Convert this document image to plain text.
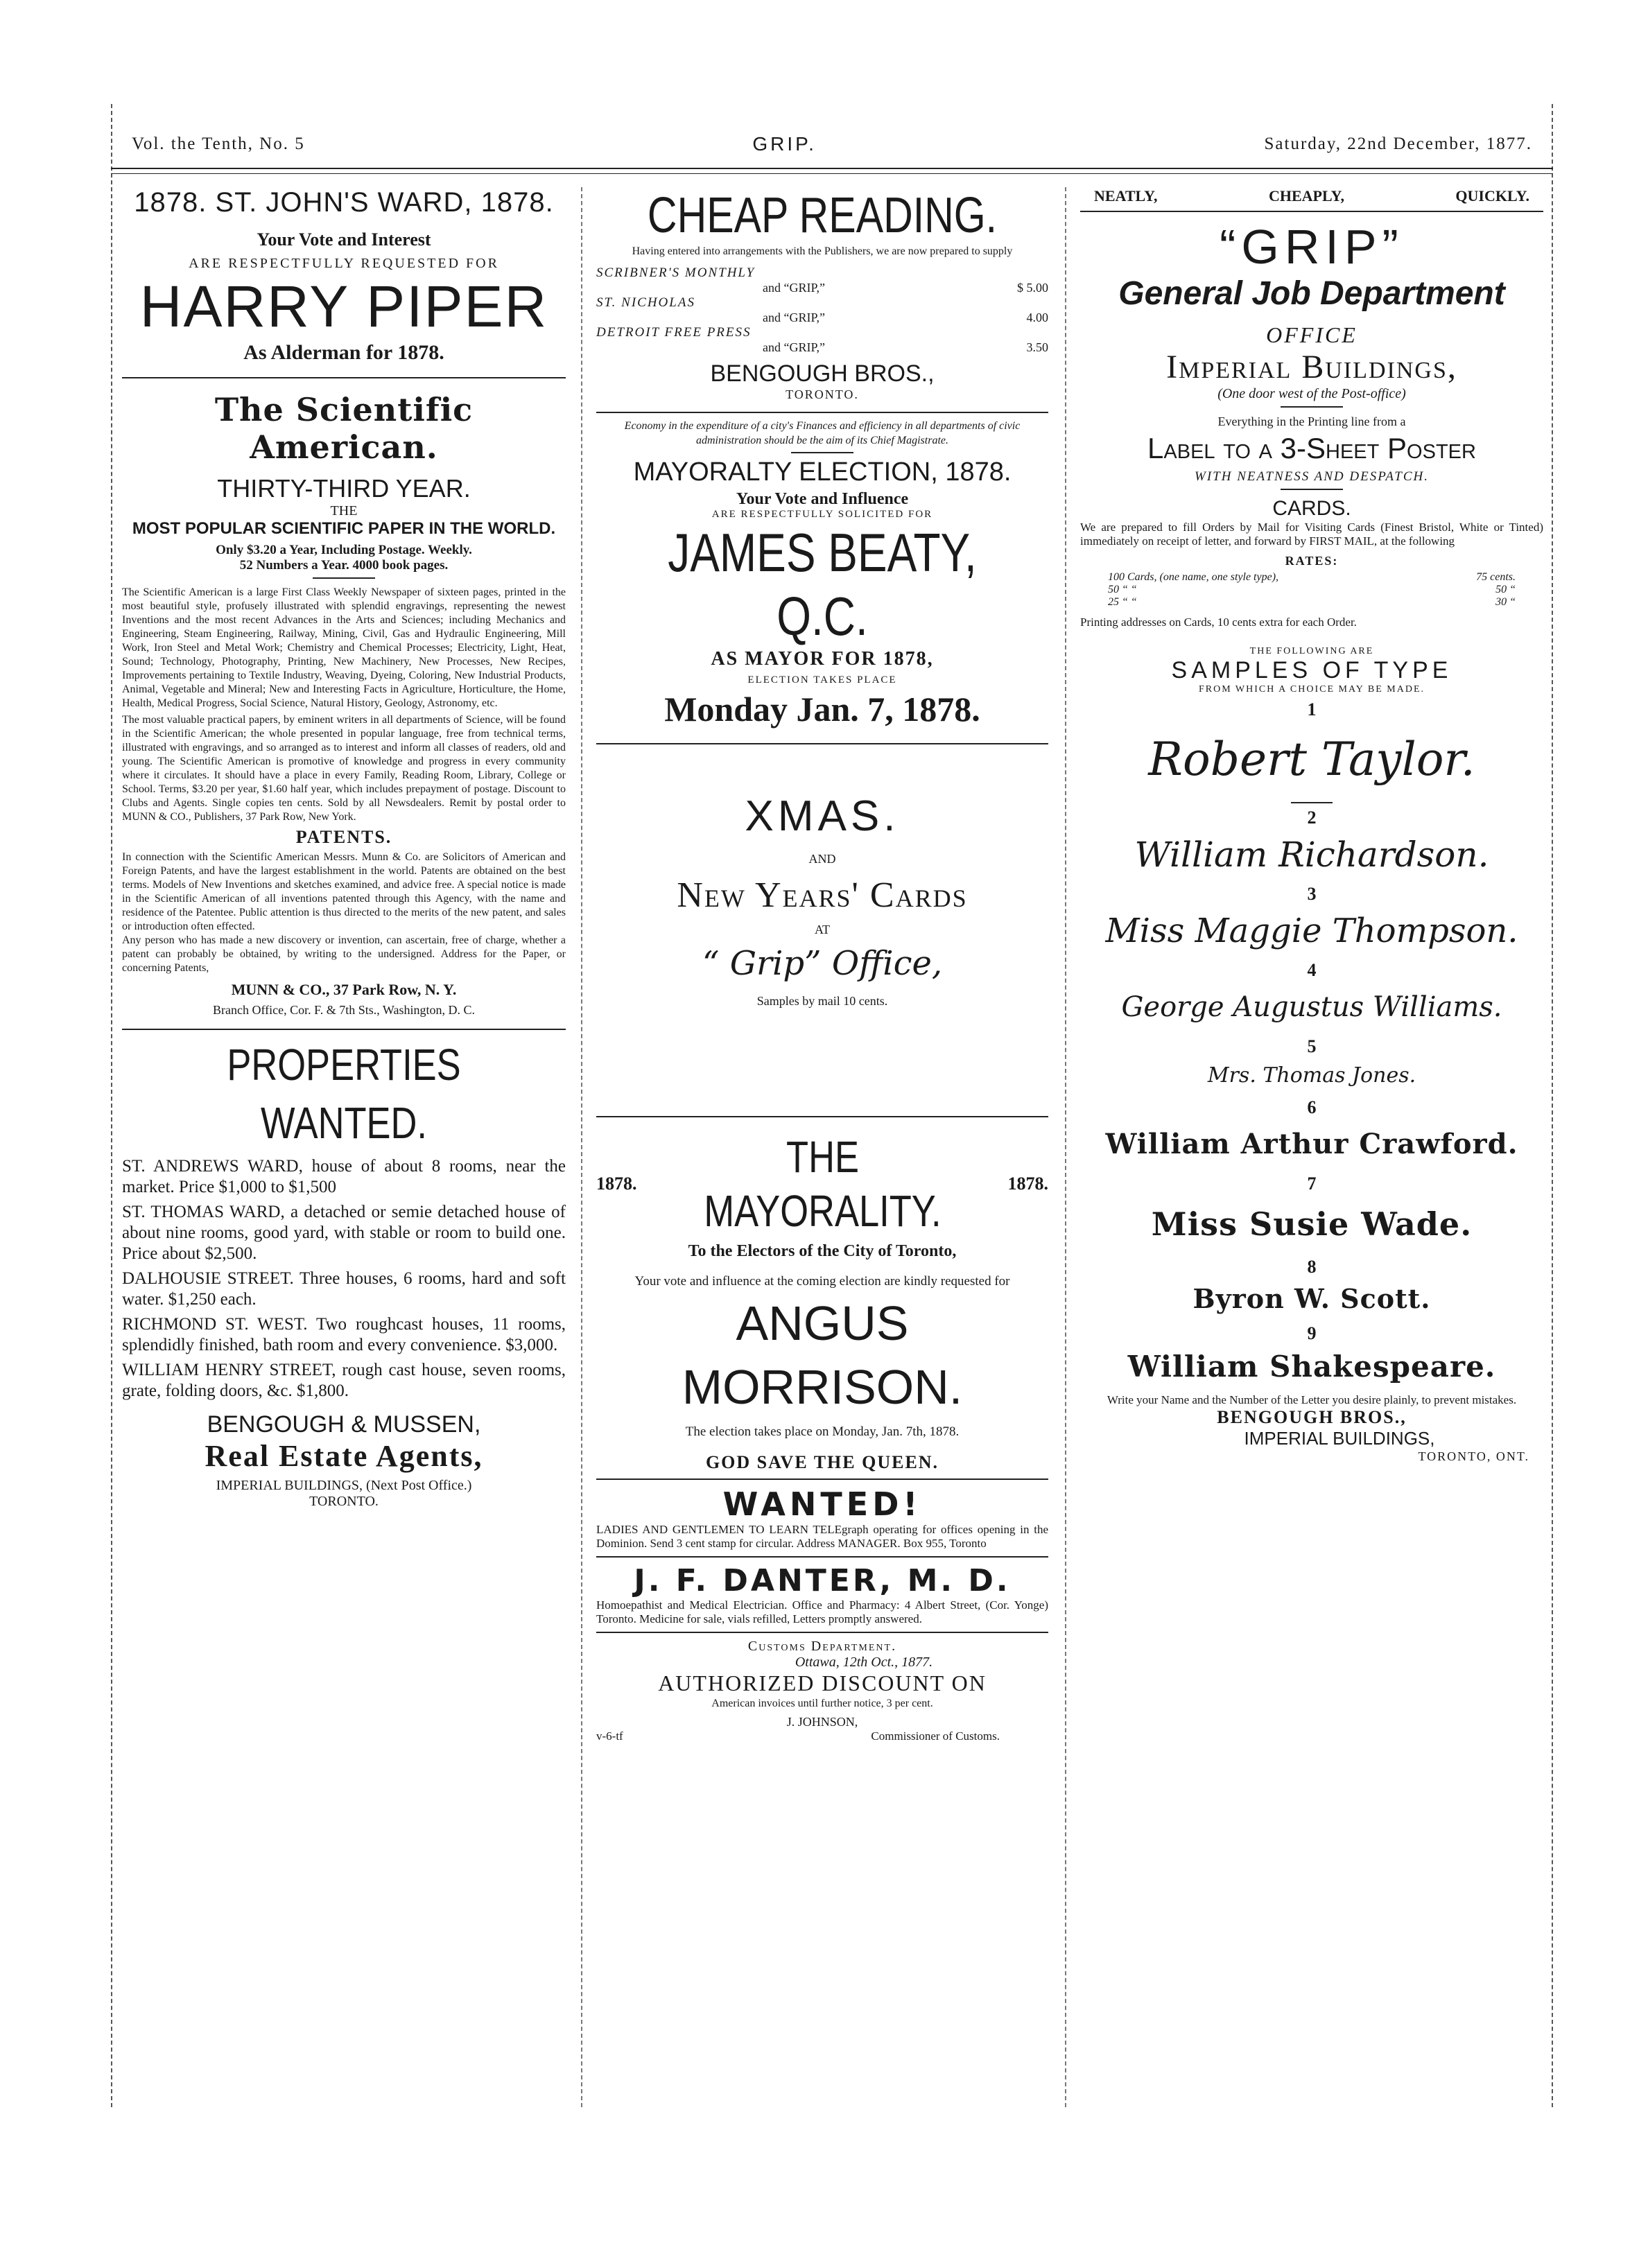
Vol. the Tenth, No. 5	GRIP.	Saturday, 22nd December, 1877.
1878. ST. JOHN'S WARD, 1878.
Your Vote and Interest
ARE RESPECTFULLY REQUESTED FOR
HARRY PIPER
As Alderman for 1878.
The Scientific American.
THIRTY-THIRD YEAR.
THE
MOST POPULAR SCIENTIFIC PAPER IN THE WORLD.
Only $3.20 a Year, Including Postage. Weekly.
52 Numbers a Year. 4000 book pages.
The Scientific American is a large First Class Weekly Newspaper of sixteen pages, printed in the most beautiful style, profusely illustrated with splendid engravings, representing the newest Inventions and the most recent Advances in the Arts and Sciences; including Mechanics and Engineering, Steam Engineering, Railway, Mining, Civil, Gas and Hydraulic Engineering, Mill Work, Iron Steel and Metal Work; Chemistry and Chemical Processes; Electricity, Light, Heat, Sound; Technology, Photography, Printing, New Machinery, New Processes, New Recipes, Improvements pertaining to Textile Industry, Weaving, Dyeing, Coloring, New Industrial Products, Animal, Vegetable and Mineral; New and Interesting Facts in Agriculture, Horticulture, the Home, Health, Medical Progress, Social Science, Natural History, Geology, Astronomy, etc.
The most valuable practical papers, by eminent writers in all departments of Science, will be found in the Scientific American; the whole presented in popular language, free from technical terms, illustrated with engravings, and so arranged as to interest and inform all classes of readers, old and young. The Scientific American is promotive of knowledge and progress in every community where it circulates. It should have a place in every Family, Reading Room, Library, College or School. Terms, $3.20 per year, $1.60 half year, which includes prepayment of postage. Discount to Clubs and Agents. Single copies ten cents. Sold by all Newsdealers. Remit by postal order to MUNN & CO., Publishers, 37 Park Row, New York.
PATENTS.
In connection with the Scientific American Messrs. Munn & Co. are Solicitors of American and Foreign Patents, and have the largest establishment in the world. Patents are obtained on the best terms. Models of New Inventions and sketches examined, and advice free. A special notice is made in the Scientific American of all inventions patented through this Agency, with the name and residence of the Patentee. Public attention is thus directed to the merits of the new patent, and sales or introduction often effected.
Any person who has made a new discovery or invention, can ascertain, free of charge, whether a patent can probably be obtained, by writing to the undersigned. Address for the Paper, or concerning Patents,
MUNN & CO., 37 Park Row, N. Y.
Branch Office, Cor. F. & 7th Sts., Washington, D. C.
PROPERTIES WANTED.

ST. ANDREWS WARD, house of about 8 rooms, near the market. Price $1,000 to $1,500

ST. THOMAS WARD, a detached or semie detached house of about nine rooms, good yard, with stable or room to build one. Price about $2,500.

DALHOUSIE STREET. Three houses, 6 rooms, hard and soft water. $1,250 each.

RICHMOND ST. WEST. Two roughcast houses, 11 rooms, splendidly finished, bath room and every convenience. $3,000.

WILLIAM HENRY STREET, rough cast house, seven rooms, grate, folding doors, &c. $1,800.

BENGOUGH & MUSSEN,
Real Estate Agents,
IMPERIAL BUILDINGS, (Next Post Office.)
TORONTO.
CHEAP READING.
Having entered into arrangements with the Publishers, we are now prepared to supply
SCRIBNER'S MONTHLY
and “GRIP,”	$ 5.00
ST. NICHOLAS
and “GRIP,”	4.00
DETROIT FREE PRESS
and “GRIP,”	3.50
BENGOUGH BROS.,
TORONTO.
Economy in the expenditure of a city's Finances and efficiency in all departments of civic administration should be the aim of its Chief Magistrate.
MAYORALTY ELECTION, 1878.
Your Vote and Influence
ARE RESPECTFULLY SOLICITED FOR
JAMES BEATY, Q.C.
AS MAYOR FOR 1878,
ELECTION TAKES PLACE
Monday Jan. 7, 1878.
XMAS.
AND
New Years' Cards
AT
“ Grip” Office,
Samples by mail 10 cents.
1878.
THE MAYORALITY.
1878.
To the Electors of the City of Toronto,
Your vote and influence at the coming election are kindly requested for
ANGUS MORRISON.
The election takes place on Monday, Jan. 7th, 1878.
GOD SAVE THE QUEEN.
WANTED!
LADIES AND GENTLEMEN TO LEARN TELEgraph operating for offices opening in the Dominion. Send 3 cent stamp for circular. Address MANAGER. Box 955, Toronto
J. F. DANTER, M. D.
Homoepathist and Medical Electrician. Office and Pharmacy: 4 Albert Street, (Cor. Yonge) Toronto. Medicine for sale, vials refilled, Letters promptly answered.
Customs Department.
Ottawa, 12th Oct., 1877.
AUTHORIZED DISCOUNT ON
American invoices until further notice, 3 per cent.
J. JOHNSON,
v-6-tf	Commissioner of Customs.
NEATLY,	CHEAPLY,	QUICKLY.
“GRIP”
General Job Department
OFFICE
Imperial Buildings,
(One door west of the Post-office)
Everything in the Printing line from a
Label to a 3-Sheet Poster
WITH NEATNESS AND DESPATCH.
CARDS.
We are prepared to fill Orders by Mail for Visiting Cards (Finest Bristol, White or Tinted) immediately on receipt of letter, and forward by FIRST MAIL, at the following
RATES:
100 Cards, (one name, one style type),	75 cents.
50 “ “	50 “
25 “ “	30 “
Printing addresses on Cards, 10 cents extra for each Order.
THE FOLLOWING ARE
SAMPLES OF TYPE
FROM WHICH A CHOICE MAY BE MADE.
1
Robert Taylor.
2
William Richardson.
3
Miss Maggie Thompson.
4
George Augustus Williams.
5
Mrs. Thomas Jones.
6
William Arthur Crawford.
7
Miss Susie Wade.
8
Byron W. Scott.
9
William Shakespeare.
Write your Name and the Number of the Letter you desire plainly, to prevent mistakes.
BENGOUGH BROS.,
IMPERIAL BUILDINGS,
TORONTO, ONT.
